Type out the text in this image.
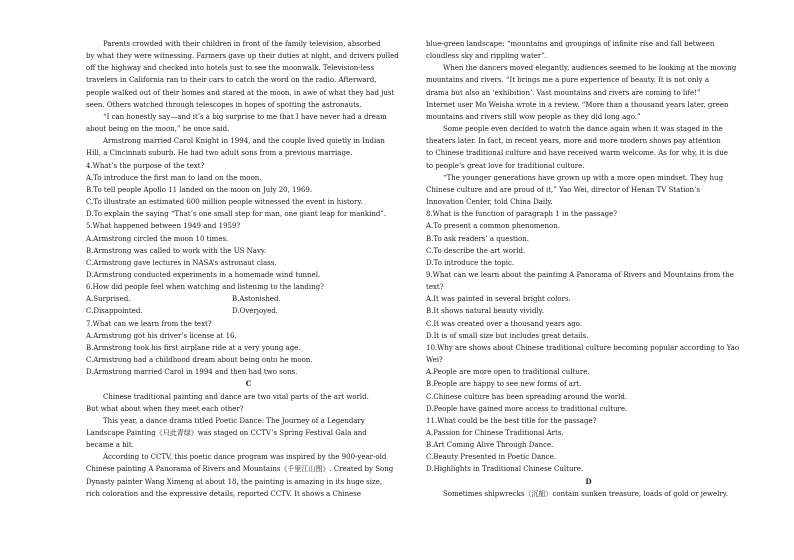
Parents crowded with their children in front of the family television, absorbed
by what they were witnessing. Farmers gave up their duties at night, and drivers pulled
off the highway and checked into hotels just to see the moonwalk. Television-less
travelers in California ran to their cars to catch the word on the radio. Afterward,
people walked out of their homes and stared at the moon, in awe of what they had just
seen. Others watched through telescopes in hopes of spotting the astronauts.
“I can honestly say—and it’s a big surprise to me that I have never had a dream
about being on the moon,” he once said.
Armstrong married Carol Knight in 1994, and the couple lived quietly in Indian
Hill, a Cincinnati suburb. He had two adult sons from a previous marriage.
4.What’s the purpose of the text?
A.To introduce the first man to land on the moon.
B.To tell people Apollo 11 landed on the moon on July 20, 1969.
C.To illustrate an estimated 600 million people witnessed the event in history.
D.To explain the saying “That’s one small step for man, one giant leap for mankind”.
5.What happened between 1949 and 1959?
A.Armstrong circled the moon 10 times.
B.Armstrong was called to work with the US Navy.
C.Armstrong gave lectures in NASA’s astronaut class.
D.Armstrong conducted experiments in a homemade wind tunnel.
6.How did people feel when watching and listening to the landing?
A.Surprised.	B.Astonished.
C.Disappointed.	D.Overjoyed.
7.What can we learn from the text?
A.Armstrong got his driver’s license at 16.
B.Armstrong took his first airplane ride at a very young age.
C.Armstrong had a childhood dream about being onto he moon.
D.Armstrong married Carol in 1994 and then had two sons.
C
Chinese traditional painting and dance are two vital parts of the art world.
But what about when they meet each other?
This year, a dance drama titled Poetic Dance: The Journey of a Legendary
Landscape Painting《只此青绿》was staged on CCTV’s Spring Festival Gala and
became a hit.
According to CCTV, this poetic dance program was inspired by the 900-year-old
Chinese painting A Panorama of Rivers and Mountains《千里江山图》. Created by Song
Dynasty painter Wang Ximeng at about 18, the painting is amazing in its huge size,
rich coloration and the expressive details, reported CCTV. It shows a Chinese
blue-green landscape: “mountains and groupings of infinite rise and fall between
cloudless sky and rippling water”.
When the dancers moved elegantly, audiences seemed to be looking at the moving
mountains and rivers. “It brings me a pure experience of beauty. It is not only a
drama but also an ‘exhibition’. Vast mountains and rivers are coming to life!”
Internet user Mo Weisha wrote in a review. “More than a thousand years later, green
mountains and rivers still wow people as they did long ago.”
Some people even decided to watch the dance again when it was staged in the
theaters later. In fact, in recent years, more and more modern shows pay attention
to Chinese traditional culture and have received warm welcome. As for why, it is due
to people’s great love for traditional culture.
“The younger generations have grown up with a more open mindset. They hug
Chinese culture and are proud of it,” Yao Wei, director of Henan TV Station’s
Innovation Center, told China Daily.
8.What is the function of paragraph 1 in the passage?
A.To present a common phenomenon.
B.To ask readers’ a question.
C.To describe the art world.
D.To introduce the topic.
9.What can we learn about the painting A Panorama of Rivers and Mountains from the
text?
A.It was painted in several bright colors.
B.It shows natural beauty vividly.
C.It was created over a thousand years ago.
D.It is of small size but includes great details.
10.Why are shows about Chinese traditional culture becoming popular according to Yao
Wei?
A.People are more open to traditional culture.
B.People are happy to see new forms of art.
C.Chinese culture has been spreading around the world.
D.People have gained more access to traditional culture.
11.What could be the best title for the passage?
A.Passion for Chinese Traditional Arts.
B.Art Coming Alive Through Dance.
C.Beauty Presented in Poetic Dance.
D.Highlights in Traditional Chinese Culture.
D
Sometimes shipwrecks（沉船）contain sunken treasure, loads of gold or jewelry.
